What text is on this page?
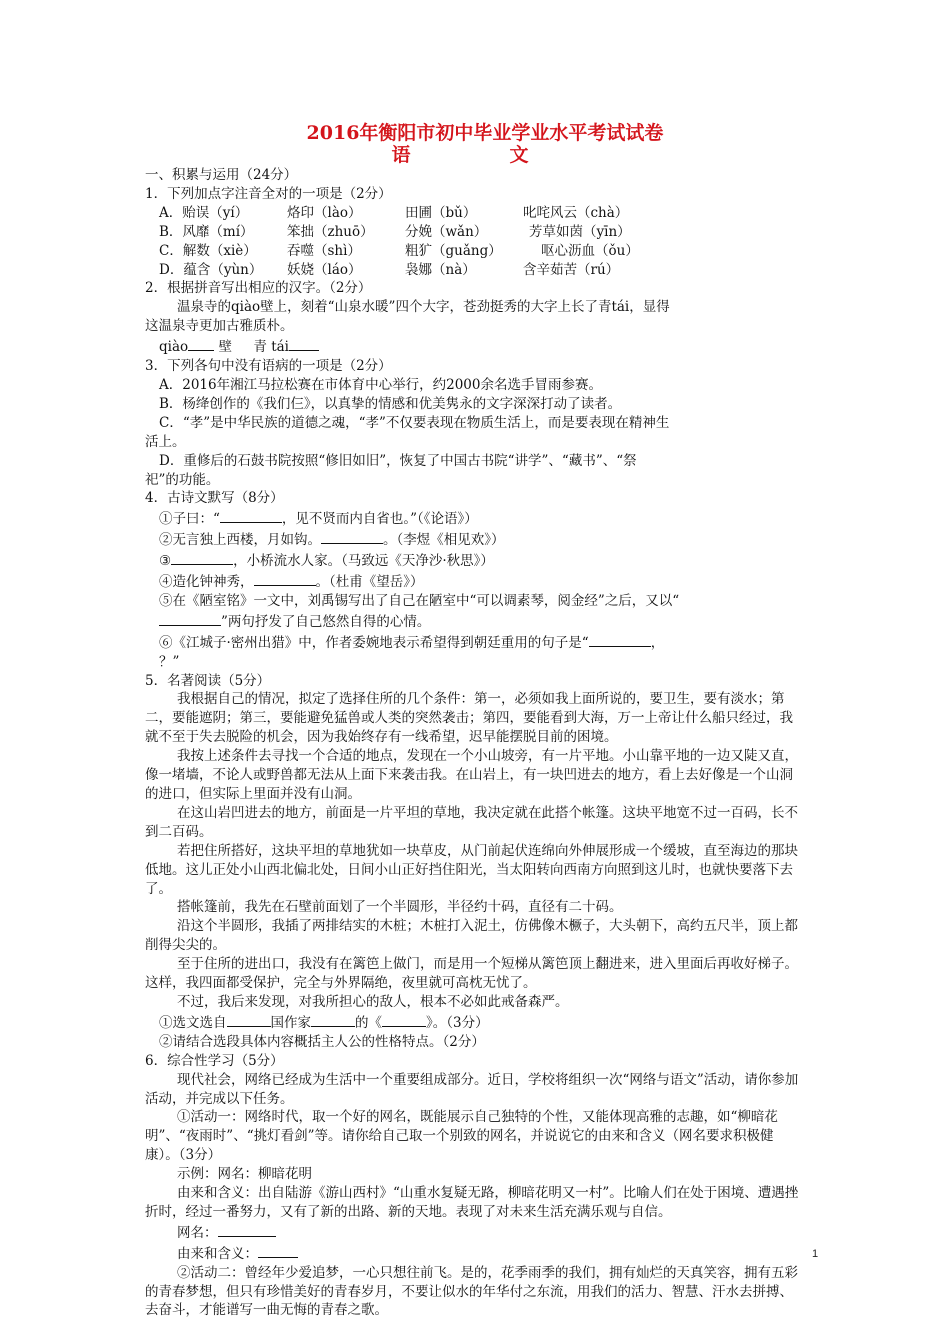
2016年衡阳市初中毕业学业水平考试试卷
语　文
一、积累与运用（24分）
1．下列加点字注音全对的一项是（2分）
A．贻误（yí）	烙印（lào）	田圃（bǔ）	叱咤风云（chà）
B．风靡（mí）	笨拙（zhuō）	分娩（wǎn）	芳草如茵（yīn）
C．解数（xiè）	吞噬（shì）	粗犷（guǎng）	呕心沥血（ǒu）
D．蕴含（yùn）	妖娆（láo）	袅娜（nà）	含辛茹苦（rú）
2．根据拼音写出相应的汉字。（2分）
温泉寺的qiào壁上，刻着“山泉水暖”四个大字，苍劲挺秀的大字上长了青tái，显得
这温泉寺更加古雅质朴。
qiào 壁 青 tái
3．下列各句中没有语病的一项是（2分）
A．2016年湘江马拉松赛在市体育中心举行，约2000余名选手冒雨参赛。
B．杨绛创作的《我们仨》，以真挚的情感和优美隽永的文字深深打动了读者。
C．“孝”是中华民族的道德之魂，“孝”不仅要表现在物质生活上，而是要表现在精神生
活上。
D．重修后的石鼓书院按照“修旧如旧”，恢复了中国古书院“讲学”、“藏书”、“祭
祀”的功能。
4．古诗文默写（8分）
①子曰：“	，见不贤而内自省也。”（《论语》）
②无言独上西楼，月如钩。	。（李煜《相见欢》）
③	，小桥流水人家。（马致远《天净沙·秋思》）
④造化钟神秀，	。（杜甫《望岳》）
⑤在《陋室铭》一文中，刘禹锡写出了自己在陋室中“可以调素琴，阅金经”之后，又以“
”两句抒发了自己悠然自得的心情。
⑥《江城子·密州出猎》中，作者委婉地表示希望得到朝廷重用的句子是“	，
？”
5．名著阅读（5分）
我根据自己的情况，拟定了选择住所的几个条件：第一，必须如我上面所说的，要卫生，要有淡水；第二，要能遮阴；第三，要能避免猛兽或人类的突然袭击；第四，要能看到大海，万一上帝让什么船只经过，我就不至于失去脱险的机会，因为我始终存有一线希望，迟早能摆脱目前的困境。
我按上述条件去寻找一个合适的地点，发现在一个小山坡旁，有一片平地。小山靠平地的一边又陡又直，像一堵墙，不论人或野兽都无法从上面下来袭击我。在山岩上，有一块凹进去的地方，看上去好像是一个山洞的进口，但实际上里面并没有山洞。
在这山岩凹进去的地方，前面是一片平坦的草地，我决定就在此搭个帐篷。这块平地宽不过一百码，长不到二百码。
若把住所搭好，这块平坦的草地犹如一块草皮，从门前起伏连绵向外伸展形成一个缓坡，直至海边的那块低地。这儿正处小山西北偏北处，日间小山正好挡住阳光，当太阳转向西南方向照到这儿时，也就快要落下去了。
搭帐篷前，我先在石壁前面划了一个半圆形，半径约十码，直径有二十码。
沿这个半圆形，我插了两排结实的木桩；木桩打入泥土，仿佛像木橛子，大头朝下，高约五尺半，顶上都削得尖尖的。
至于住所的进出口，我没有在篱笆上做门，而是用一个短梯从篱笆顶上翻进来，进入里面后再收好梯子。这样，我四面都受保护，完全与外界隔绝，夜里就可高枕无忧了。
不过，我后来发现，对我所担心的敌人，根本不必如此戒备森严。
①选文选自	国作家	的《	》。（3分）
②请结合选段具体内容概括主人公的性格特点。（2分）
6．综合性学习（5分）
现代社会，网络已经成为生活中一个重要组成部分。近日，学校将组织一次“网络与语文”活动，请你参加活动，并完成以下任务。
①活动一：网络时代，取一个好的网名，既能展示自己独特的个性，又能体现高雅的志趣，如“柳暗花明”、“夜雨时”、“挑灯看剑”等。请你给自己取一个别致的网名，并说说它的由来和含义（网名要求积极健康）。（3分）
示例：网名：柳暗花明
由来和含义：出自陆游《游山西村》“山重水复疑无路，柳暗花明又一村”。比喻人们在处于困境、遭遇挫折时，经过一番努力，又有了新的出路、新的天地。表现了对未来生活充满乐观与自信。
网名：
由来和含义：
②活动二：曾经年少爱追梦，一心只想往前飞。是的，花季雨季的我们，拥有灿烂的天真笑容，拥有五彩的青春梦想，但只有珍惜美好的青春岁月，不要让似水的年华付之东流，用我们的活力、智慧、汗水去拼搏、去奋斗，才能谱写一曲无悔的青春之歌。
1
